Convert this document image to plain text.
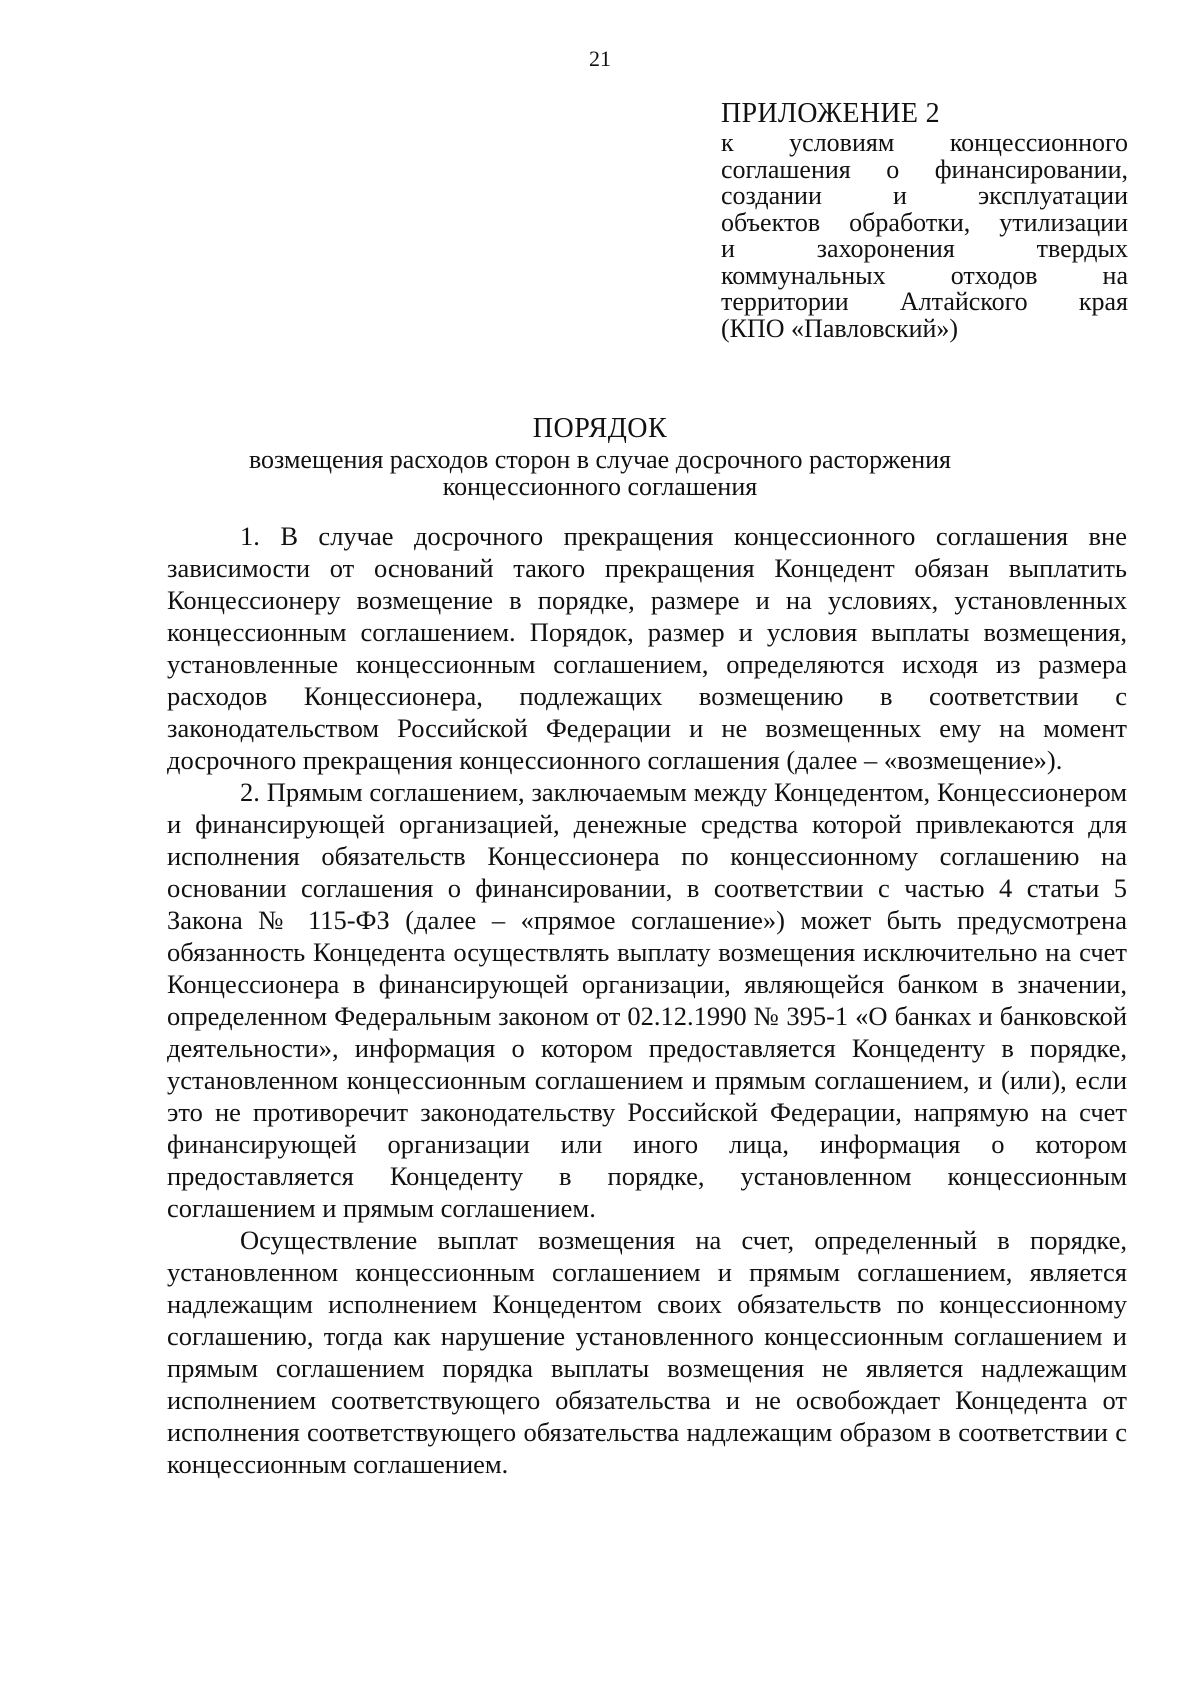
21
ПРИЛОЖЕНИЕ 2
к условиям концессионного
соглашения о финансировании,
создании и эксплуатации
объектов обработки, утилизации
и захоронения твердых
коммунальных отходов на
территории Алтайского края
(КПО «Павловский»)
ПОРЯДОК
возмещения расходов сторон в случае досрочного расторжения
концессионного соглашения

1. В случае досрочного прекращения концессионного соглашения вне зависимости от оснований такого прекращения Концедент обязан выплатить Концессионеру возмещение в порядке, размере и на условиях, установленных концессионным соглашением. Порядок, размер и условия выплаты возмещения, установленные концессионным соглашением, определяются исходя из размера расходов Концессионера, подлежащих возмещению в соответствии с законодательством Российской Федерации и не возмещенных ему на момент досрочного прекращения концессионного соглашения (далее – «возмещение»).

2. Прямым соглашением, заключаемым между Концедентом, Концессионером и финансирующей организацией, денежные средства которой привлекаются для исполнения обязательств Концессионера по концессионному соглашению на основании соглашения о финансировании, в соответствии с частью 4 статьи 5 Закона № 115-ФЗ (далее – «прямое соглашение») может быть предусмотрена обязанность Концедента осуществлять выплату возмещения исключительно на счет Концессионера в финансирующей организации, являющейся банком в значении, определенном Федеральным законом от 02.12.1990 № 395-1 «О банках и банковской деятельности», информация о котором предоставляется Концеденту в порядке, установленном концессионным соглашением и прямым соглашением, и (или), если это не противоречит законодательству Российской Федерации, напрямую на счет финансирующей организации или иного лица, информация о котором предоставляется Концеденту в порядке, установленном концессионным соглашением и прямым соглашением.

Осуществление выплат возмещения на счет, определенный в порядке, установленном концессионным соглашением и прямым соглашением, является надлежащим исполнением Концедентом своих обязательств по концессионному соглашению, тогда как нарушение установленного концессионным соглашением и прямым соглашением порядка выплаты возмещения не является надлежащим исполнением соответствующего обязательства и не освобождает Концедента от исполнения соответствующего обязательства надлежащим образом в соответствии с концессионным соглашением.
